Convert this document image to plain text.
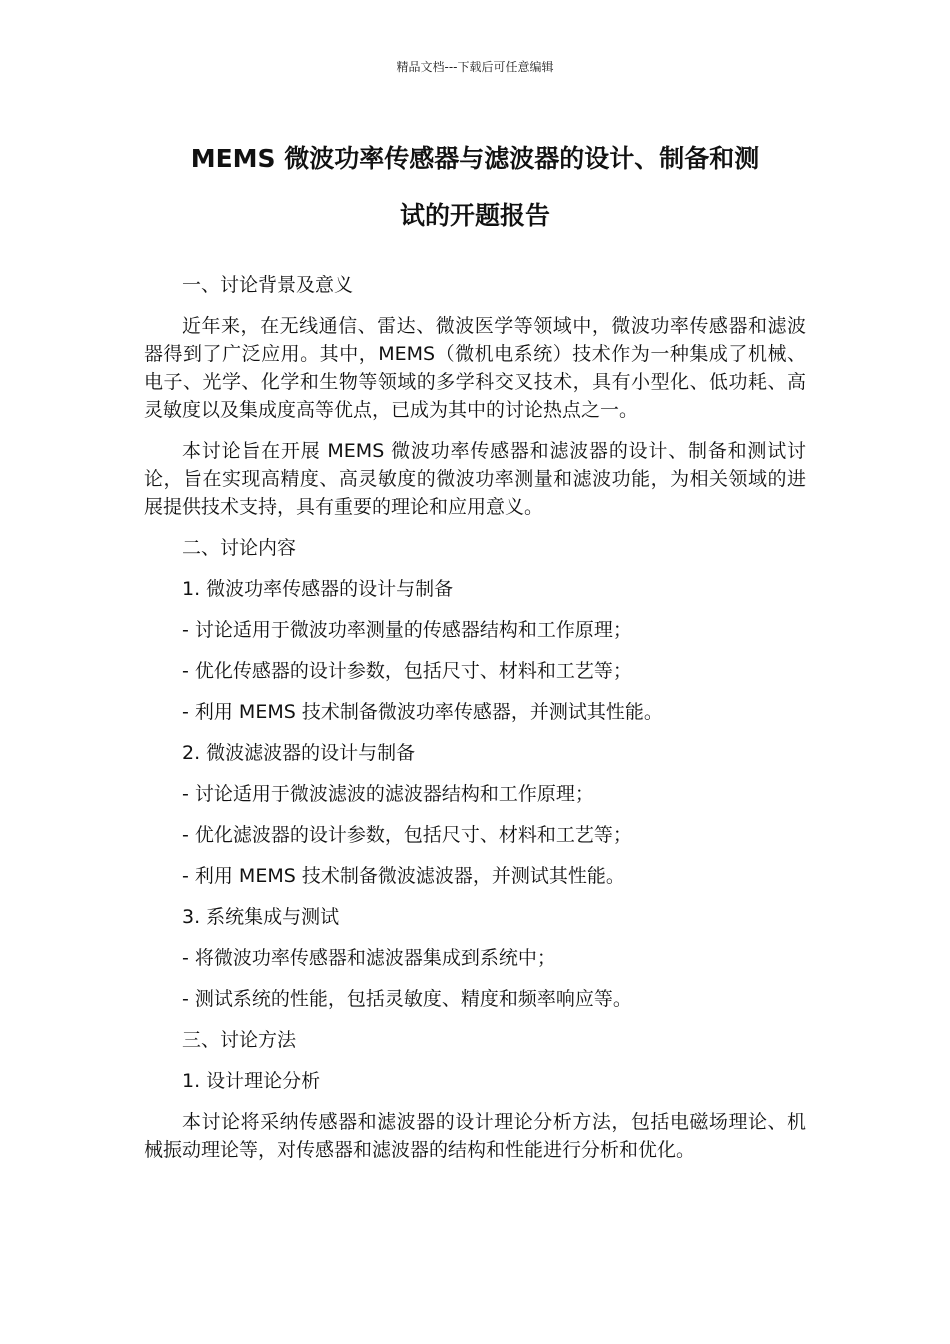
精品文档---下载后可任意编辑
MEMS 微波功率传感器与滤波器的设计、制备和测
试的开题报告

一、讨论背景及意义

近年来，在无线通信、雷达、微波医学等领域中，微波功率传感器和滤波器得到了广泛应用。其中，MEMS（微机电系统）技术作为一种集成了机械、电子、光学、化学和生物等领域的多学科交叉技术，具有小型化、低功耗、高灵敏度以及集成度高等优点，已成为其中的讨论热点之一。

本讨论旨在开展 MEMS 微波功率传感器和滤波器的设计、制备和测试讨论，旨在实现高精度、高灵敏度的微波功率测量和滤波功能，为相关领域的进展提供技术支持，具有重要的理论和应用意义。

二、讨论内容

1. 微波功率传感器的设计与制备

- 讨论适用于微波功率测量的传感器结构和工作原理；

- 优化传感器的设计参数，包括尺寸、材料和工艺等；

- 利用 MEMS 技术制备微波功率传感器，并测试其性能。

2. 微波滤波器的设计与制备

- 讨论适用于微波滤波的滤波器结构和工作原理；

- 优化滤波器的设计参数，包括尺寸、材料和工艺等；

- 利用 MEMS 技术制备微波滤波器，并测试其性能。

3. 系统集成与测试

- 将微波功率传感器和滤波器集成到系统中；

- 测试系统的性能，包括灵敏度、精度和频率响应等。

三、讨论方法

1. 设计理论分析

本讨论将采纳传感器和滤波器的设计理论分析方法，包括电磁场理论、机械振动理论等，对传感器和滤波器的结构和性能进行分析和优化。
